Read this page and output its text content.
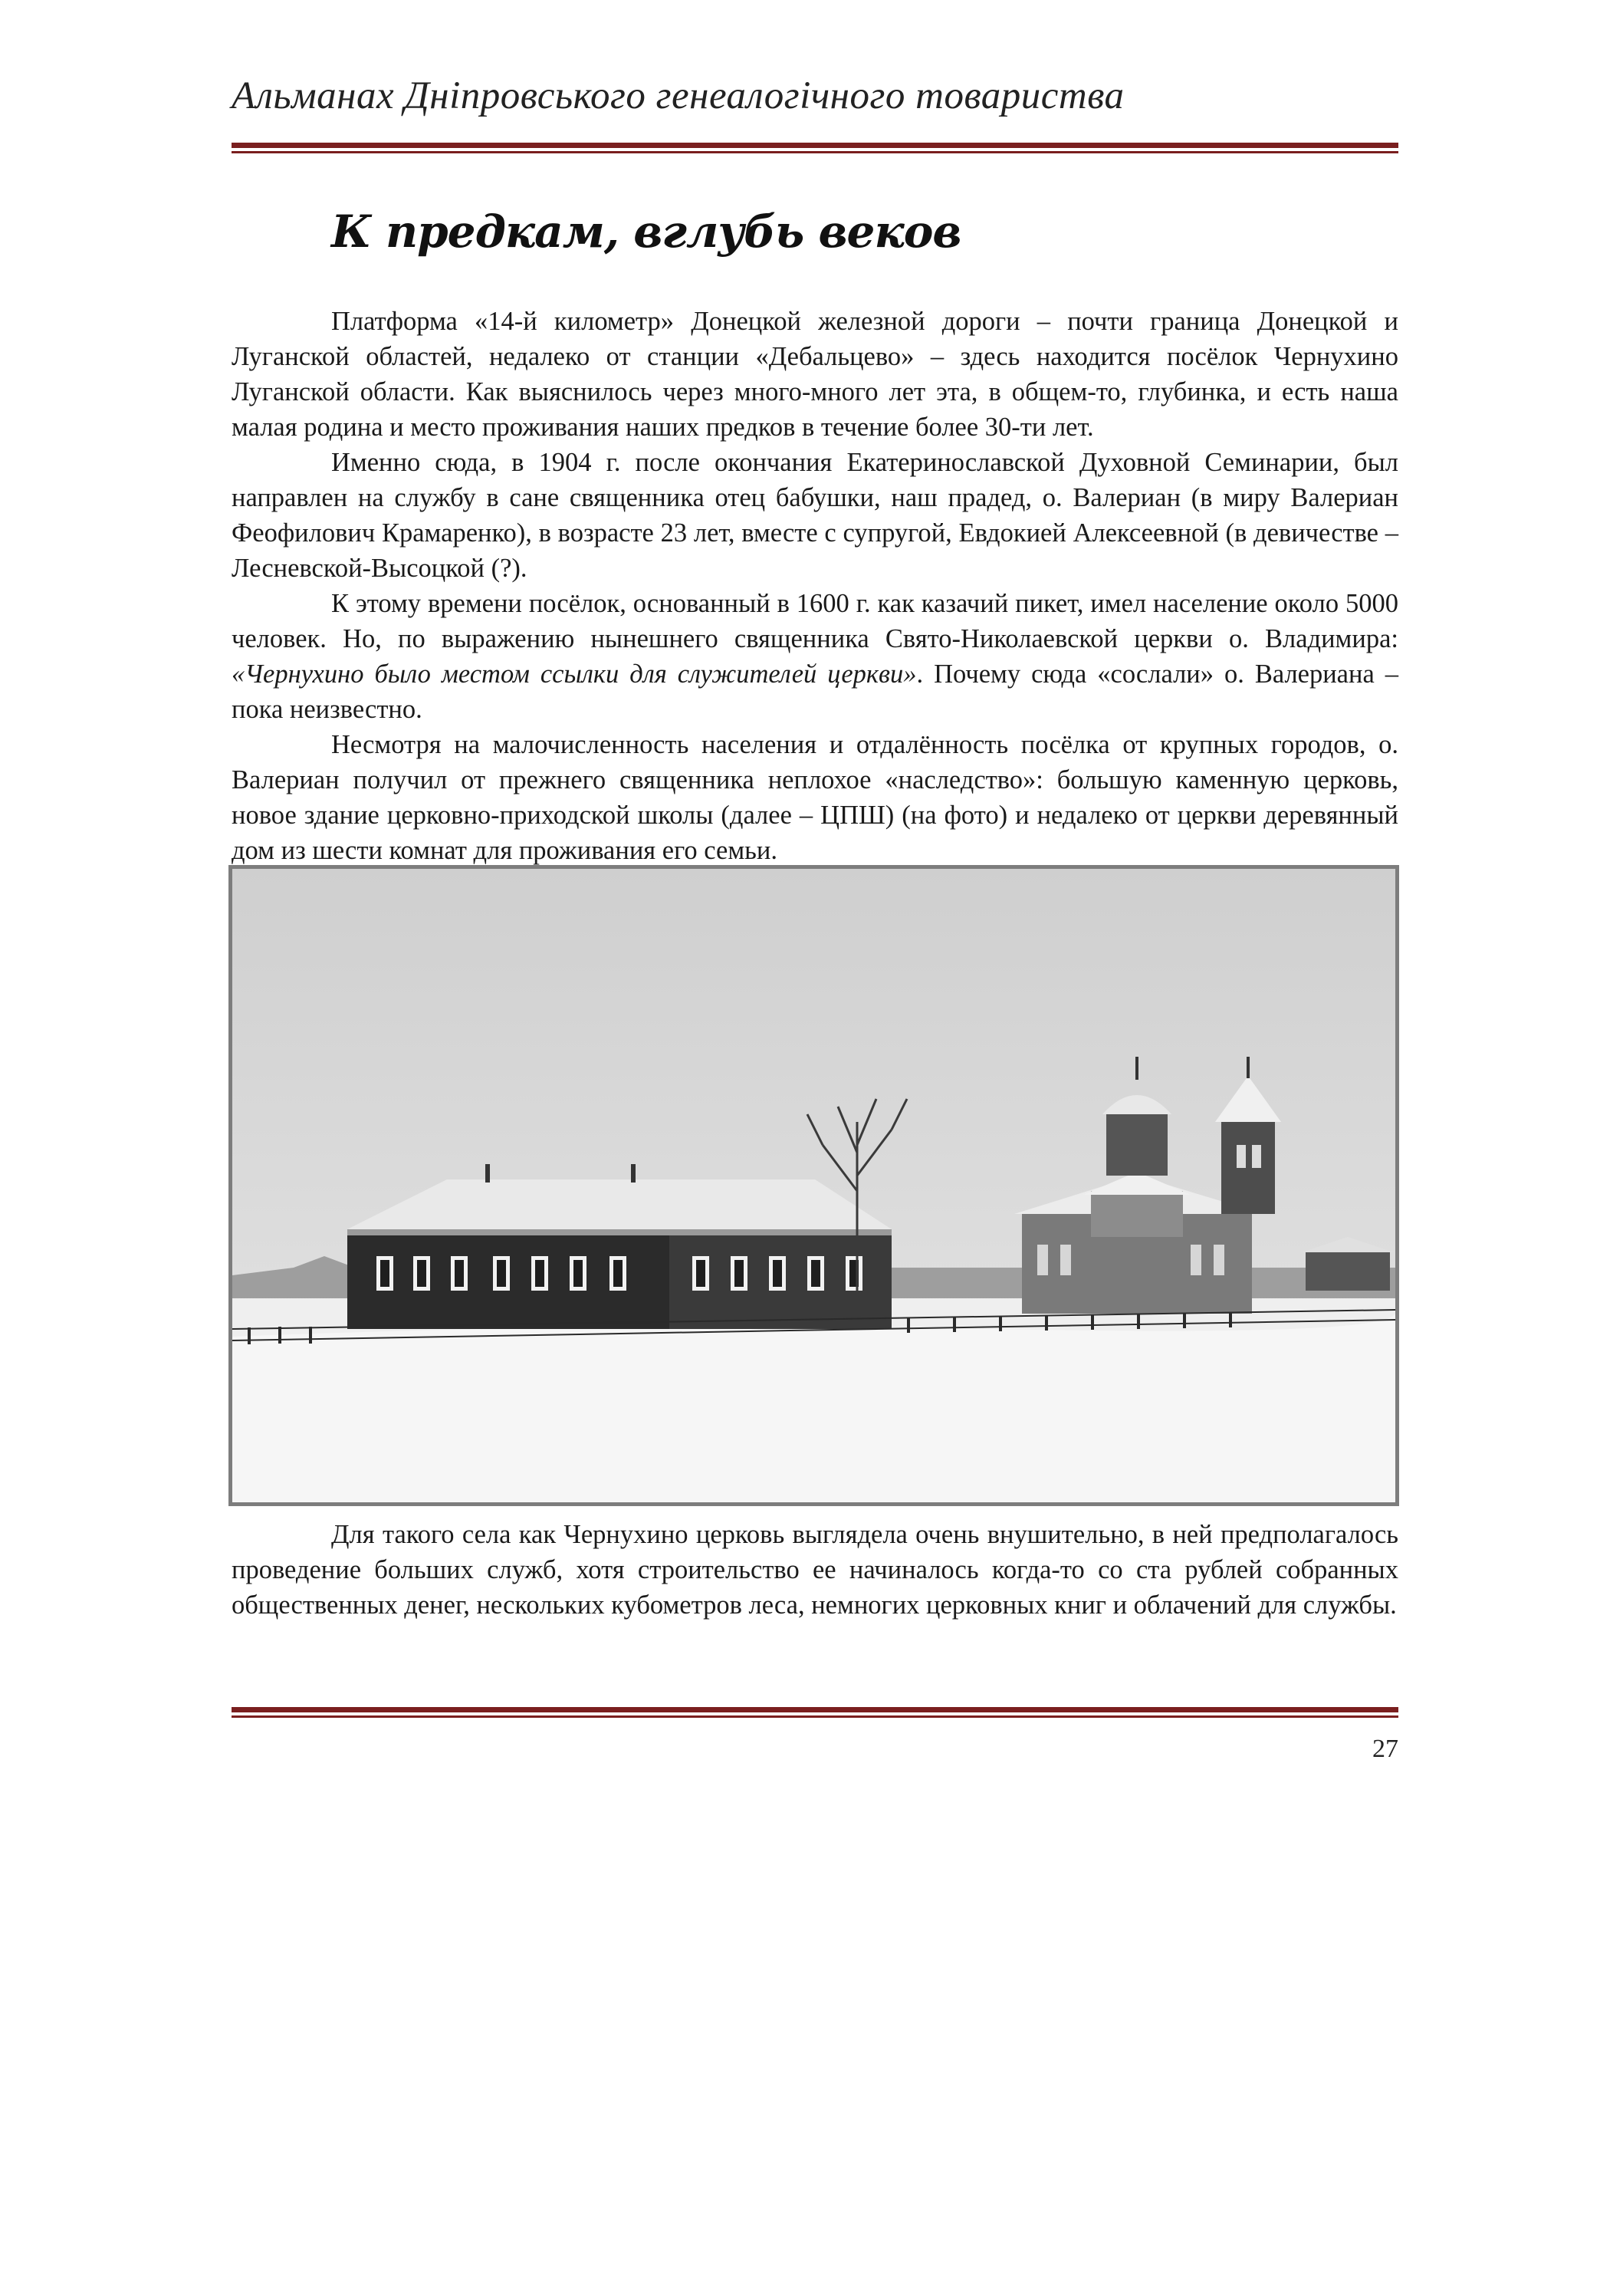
Альманах Дніпровського генеалогічного товариства
К предкам, вглубь веков

Платформа «14-й километр» Донецкой железной дороги – почти граница Донецкой и Луганской областей, недалеко от станции «Дебальцево» – здесь находится посёлок Чернухино Луганской области. Как выяснилось через много-много лет эта, в общем-то, глубинка, и есть наша малая родина и место проживания наших предков в течение более 30-ти лет.

Именно сюда, в 1904 г. после окончания Екатеринославской Духовной Семинарии, был направлен на службу в сане священника отец бабушки, наш прадед, о. Валериан (в миру Валериан Феофилович Крамаренко), в возрасте 23 лет, вместе с супругой, Евдокией Алексеевной (в девичестве – Лесневской-Высоцкой (?).

К этому времени посёлок, основанный в 1600 г. как казачий пикет, имел население около 5000 человек. Но, по выражению нынешнего священника Свято-Николаевской церкви о. Владимира: «Чернухино было местом ссылки для служителей церкви». Почему сюда «сослали» о. Валериана – пока неизвестно.

Несмотря на малочисленность населения и отдалённость посёлка от крупных городов, о. Валериан получил от прежнего священника неплохое «наследство»: большую каменную церковь, новое здание церковно-приходской школы (далее – ЦПШ) (на фото) и недалеко от церкви деревянный дом из шести комнат для проживания его семьи.

Для такого села как Чернухино церковь выглядела очень внушительно, в ней предполагалось проведение больших служб, хотя строительство ее начиналось когда-то со ста рублей собранных общественных денег, нескольких кубометров леса, немногих церковных книг и облачений для службы.

27
